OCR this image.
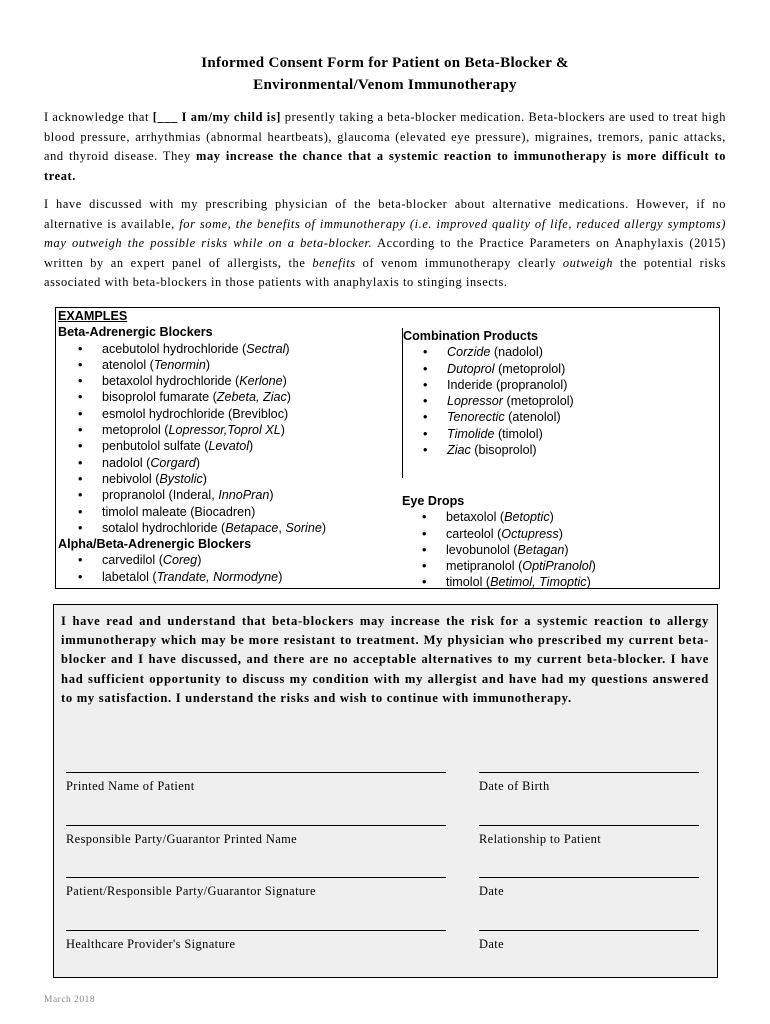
Informed Consent Form for Patient on Beta-Blocker &
Environmental/Venom Immunotherapy
I acknowledge that [___ I am/my child is] presently taking a beta-blocker medication. Beta-blockers are used to treat high blood pressure, arrhythmias (abnormal heartbeats), glaucoma (elevated eye pressure), migraines, tremors, panic attacks, and thyroid disease. They may increase the chance that a systemic reaction to immunotherapy is more difficult to treat.
I have discussed with my prescribing physician of the beta-blocker about alternative medications. However, if no alternative is available, for some, the benefits of immunotherapy (i.e. improved quality of life, reduced allergy symptoms) may outweigh the possible risks while on a beta-blocker. According to the Practice Parameters on Anaphylaxis (2015) written by an expert panel of allergists, the benefits of venom immunotherapy clearly outweigh the potential risks associated with beta-blockers in those patients with anaphylaxis to stinging insects.
EXAMPLES
Beta-Adrenergic Blockers
• acebutolol hydrochloride (Sectral)
• atenolol (Tenormin)
• betaxolol hydrochloride (Kerlone)
• bisoprolol fumarate (Zebeta, Ziac)
• esmolol hydrochloride (Brevibloc)
• metoprolol (Lopressor,Toprol XL)
• penbutolol sulfate (Levatol)
• nadolol (Corgard)
• nebivolol (Bystolic)
• propranolol (Inderal, InnoPran)
• timolol maleate (Biocadren)
• sotalol hydrochloride (Betapace, Sorine)
Alpha/Beta-Adrenergic Blockers
• carvedilol (Coreg)
• labetalol (Trandate, Normodyne)
Combination Products
• Corzide (nadolol)
• Dutoprol (metoprolol)
• Inderide (propranolol)
• Lopressor (metoprolol)
• Tenorectic (atenolol)
• Timolide (timolol)
• Ziac (bisoprolol)
Eye Drops
• betaxolol (Betoptic)
• carteolol (Octupress)
• levobunolol (Betagan)
• metipranolol (OptiPranolol)
• timolol (Betimol, Timoptic)
I have read and understand that beta-blockers may increase the risk for a systemic reaction to allergy immunotherapy which may be more resistant to treatment. My physician who prescribed my current beta-blocker and I have discussed, and there are no acceptable alternatives to my current beta-blocker. I have had sufficient opportunity to discuss my condition with my allergist and have had my questions answered to my satisfaction. I understand the risks and wish to continue with immunotherapy.
Printed Name of Patient	Date of Birth
Responsible Party/Guarantor Printed Name	Relationship to Patient
Patient/Responsible Party/Guarantor Signature	Date
Healthcare Provider's Signature	Date
March 2018
